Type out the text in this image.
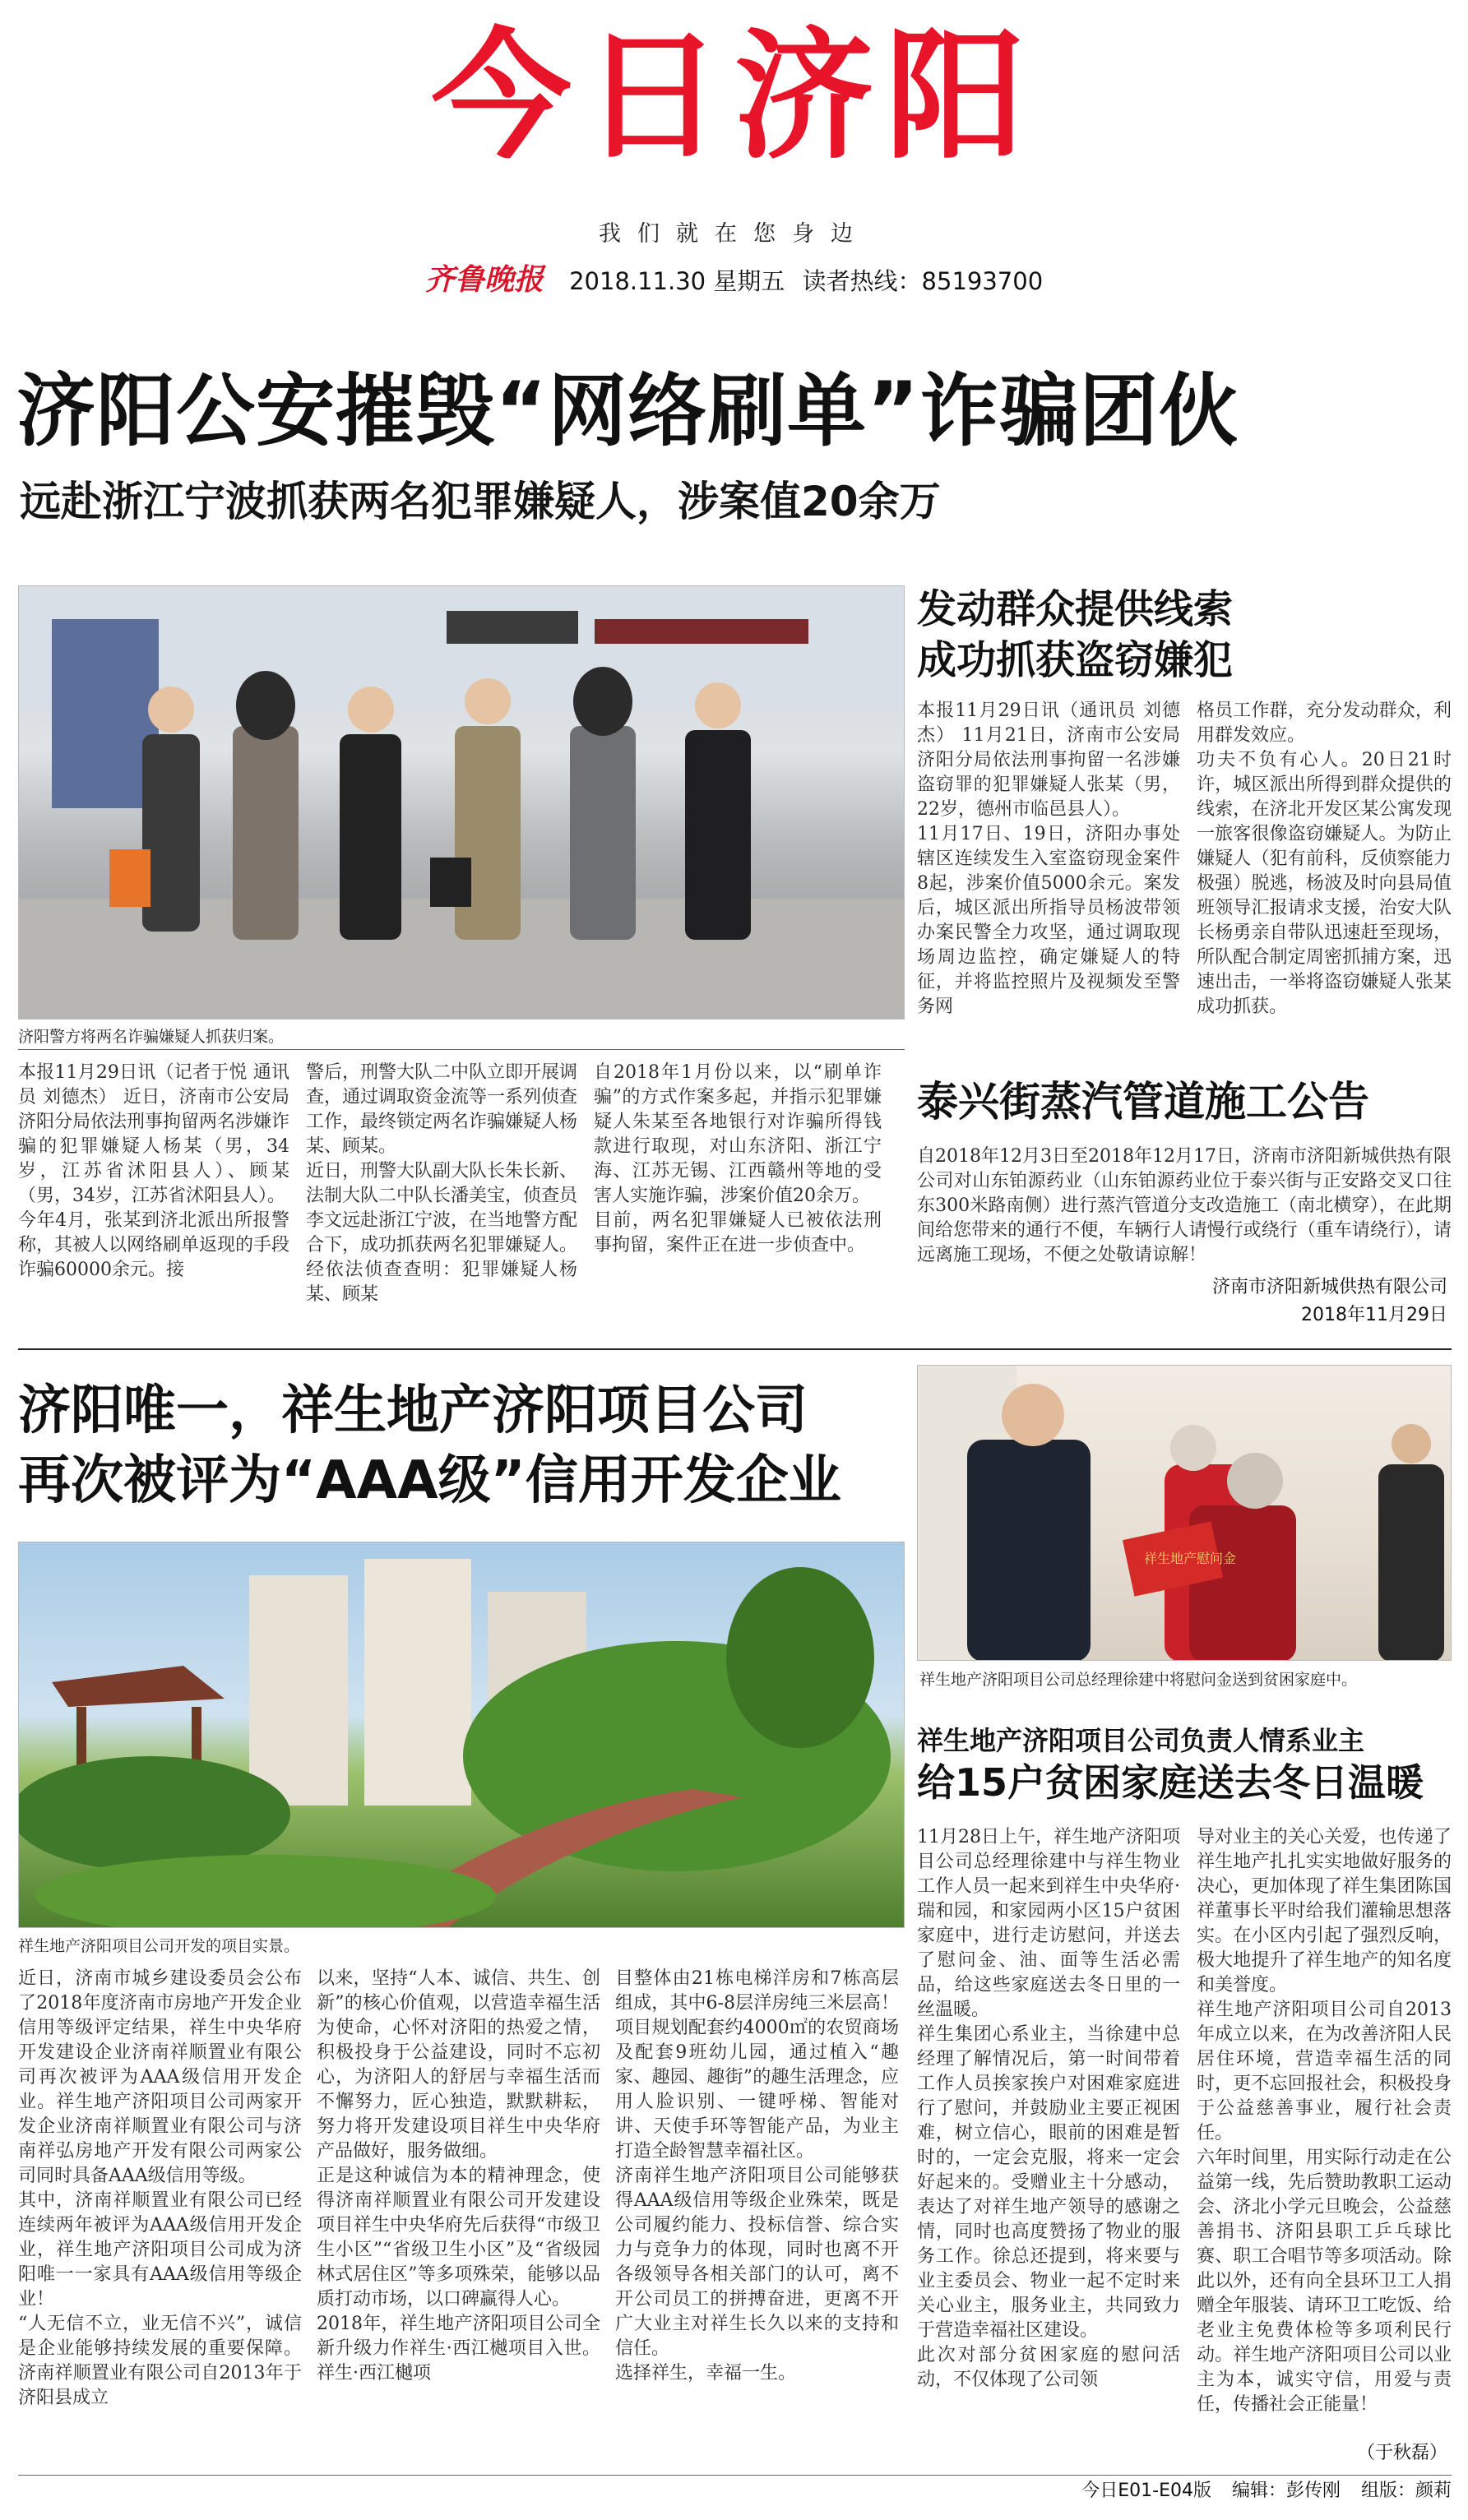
今日济阳
我们就在您身边
齐鲁晚报 2018.11.30 星期五 读者热线：85193700
济阳公安摧毁“网络刷单”诈骗团伙
远赴浙江宁波抓获两名犯罪嫌疑人，涉案值20余万
济阳警方将两名诈骗嫌疑人抓获归案。
本报11月29日讯（记者于悦 通讯员 刘德杰） 近日，济南市公安局济阳分局依法刑事拘留两名涉嫌诈骗的犯罪嫌疑人杨某（男，34岁，江苏省沭阳县人）、顾某（男，34岁，江苏省沭阳县人）。
今年4月，张某到济北派出所报警称，其被人以网络刷单返现的手段诈骗60000余元。接
警后，刑警大队二中队立即开展调查，通过调取资金流等一系列侦查工作，最终锁定两名诈骗嫌疑人杨某、顾某。
近日，刑警大队副大队长朱长新、法制大队二中队长潘美宝，侦查员李文远赴浙江宁波，在当地警方配合下，成功抓获两名犯罪嫌疑人。经依法侦查查明：犯罪嫌疑人杨某、顾某
自2018年1月份以来，以“刷单诈骗”的方式作案多起，并指示犯罪嫌疑人朱某至各地银行对诈骗所得钱款进行取现，对山东济阳、浙江宁海、江苏无锡、江西赣州等地的受害人实施诈骗，涉案价值20余万。
目前，两名犯罪嫌疑人已被依法刑事拘留，案件正在进一步侦查中。
发动群众提供线索
成功抓获盗窃嫌犯
本报11月29日讯（通讯员 刘德杰） 11月21日，济南市公安局济阳分局依法刑事拘留一名涉嫌盗窃罪的犯罪嫌疑人张某（男，22岁，德州市临邑县人）。
11月17日、19日，济阳办事处辖区连续发生入室盗窃现金案件8起，涉案价值5000余元。案发后，城区派出所指导员杨波带领办案民警全力攻坚，通过调取现场周边监控，确定嫌疑人的特征，并将监控照片及视频发至警务网
格员工作群，充分发动群众，利用群发效应。
功夫不负有心人。20日21时许，城区派出所得到群众提供的线索，在济北开发区某公寓发现一旅客很像盗窃嫌疑人。为防止嫌疑人（犯有前科，反侦察能力极强）脱逃，杨波及时向县局值班领导汇报请求支援，治安大队长杨勇亲自带队迅速赶至现场，所队配合制定周密抓捕方案，迅速出击，一举将盗窃嫌疑人张某成功抓获。
泰兴街蒸汽管道施工公告
自2018年12月3日至2018年12月17日，济南市济阳新城供热有限公司对山东铂源药业（山东铂源药业位于泰兴街与正安路交叉口往东300米路南侧）进行蒸汽管道分支改造施工（南北横穿），在此期间给您带来的通行不便，车辆行人请慢行或绕行（重车请绕行），请远离施工现场，不便之处敬请谅解！
济南市济阳新城供热有限公司
2018年11月29日
济阳唯一，祥生地产济阳项目公司
再次被评为“AAA级”信用开发企业
祥生地产济阳项目公司开发的项目实景。
近日，济南市城乡建设委员会公布了2018年度济南市房地产开发企业信用等级评定结果，祥生中央华府开发建设企业济南祥顺置业有限公司再次被评为AAA级信用开发企业。祥生地产济阳项目公司两家开发企业济南祥顺置业有限公司与济南祥弘房地产开发有限公司两家公司同时具备AAA级信用等级。
其中，济南祥顺置业有限公司已经连续两年被评为AAA级信用开发企业，祥生地产济阳项目公司成为济阳唯一一家具有AAA级信用等级企业！
“人无信不立，业无信不兴”，诚信是企业能够持续发展的重要保障。济南祥顺置业有限公司自2013年于济阳县成立
以来，坚持“人本、诚信、共生、创新”的核心价值观，以营造幸福生活为使命，心怀对济阳的热爱之情，积极投身于公益建设，同时不忘初心，为济阳人的舒居与幸福生活而不懈努力，匠心独造，默默耕耘，努力将开发建设项目祥生中央华府产品做好，服务做细。
正是这种诚信为本的精神理念，使得济南祥顺置业有限公司开发建设项目祥生中央华府先后获得“市级卫生小区”“省级卫生小区”及“省级园林式居住区”等多项殊荣，能够以品质打动市场，以口碑赢得人心。
2018年，祥生地产济阳项目公司全新升级力作祥生·西江樾项目入世。祥生·西江樾项
目整体由21栋电梯洋房和7栋高层组成，其中6-8层洋房纯三米层高！项目规划配套约4000㎡的农贸商场及配套9班幼儿园，通过植入“趣家、趣园、趣街”的趣生活理念，应用人脸识别、一键呼梯、智能对讲、天使手环等智能产品，为业主打造全龄智慧幸福社区。
济南祥生地产济阳项目公司能够获得AAA级信用等级企业殊荣，既是公司履约能力、投标信誉、综合实力与竞争力的体现，同时也离不开各级领导各相关部门的认可，离不开公司员工的拼搏奋进，更离不开广大业主对祥生长久以来的支持和信任。
选择祥生，幸福一生。
祥生地产慰问金
祥生地产济阳项目公司总经理徐建中将慰问金送到贫困家庭中。
祥生地产济阳项目公司负责人情系业主
给15户贫困家庭送去冬日温暖
11月28日上午，祥生地产济阳项目公司总经理徐建中与祥生物业工作人员一起来到祥生中央华府·瑞和园，和家园两小区15户贫困家庭中，进行走访慰问，并送去了慰问金、油、面等生活必需品，给这些家庭送去冬日里的一丝温暖。
祥生集团心系业主，当徐建中总经理了解情况后，第一时间带着工作人员挨家挨户对困难家庭进行了慰问，并鼓励业主要正视困难，树立信心，眼前的困难是暂时的，一定会克服，将来一定会好起来的。受赠业主十分感动，表达了对祥生地产领导的感谢之情，同时也高度赞扬了物业的服务工作。徐总还提到，将来要与业主委员会、物业一起不定时来关心业主，服务业主，共同致力于营造幸福社区建设。
此次对部分贫困家庭的慰问活动，不仅体现了公司领
导对业主的关心关爱，也传递了祥生地产扎扎实实地做好服务的决心，更加体现了祥生集团陈国祥董事长平时给我们灌输思想落实。在小区内引起了强烈反响，极大地提升了祥生地产的知名度和美誉度。
祥生地产济阳项目公司自2013年成立以来，在为改善济阳人民居住环境，营造幸福生活的同时，更不忘回报社会，积极投身于公益慈善事业，履行社会责任。
六年时间里，用实际行动走在公益第一线，先后赞助教职工运动会、济北小学元旦晚会，公益慈善捐书、济阳县职工乒乓球比赛、职工合唱节等多项活动。除此以外，还有向全县环卫工人捐赠全年服装、请环卫工吃饭、给老业主免费体检等多项利民行动。祥生地产济阳项目公司以业主为本，诚实守信，用爱与责任，传播社会正能量！
（于秋磊）
今日E01-E04版 编辑：彭传刚 组版：颜莉
